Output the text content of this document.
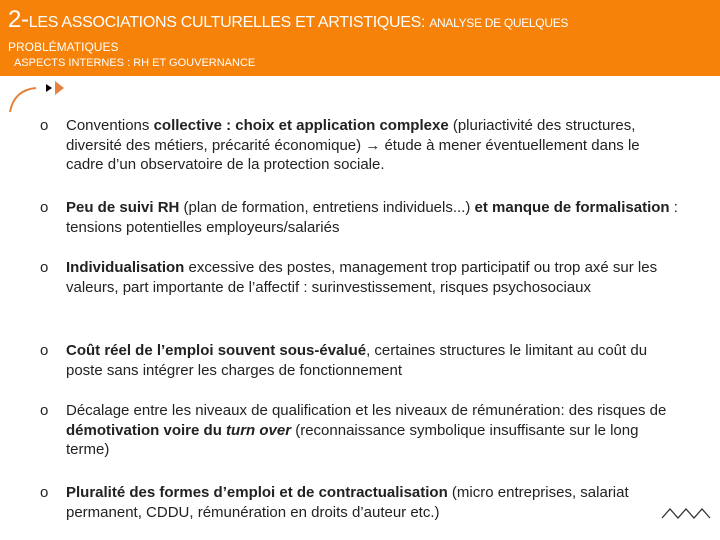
2-LES ASSOCIATIONS CULTURELLES ET ARTISTIQUES: ANALYSE DE QUELQUES
PROBLÉMATIQUES
ASPECTS INTERNES : RH ET GOUVERNANCE
o Conventions collective : choix et application complexe (pluriactivité des structures, diversité des métiers, précarité économique) → étude à mener éventuellement dans le cadre d’un observatoire de la protection sociale.
o Peu de suivi RH (plan de formation, entretiens individuels...) et manque de formalisation : tensions potentielles employeurs/salariés
o Individualisation excessive des postes, management trop participatif ou trop axé sur les valeurs, part importante de l’affectif : surinvestissement, risques psychosociaux
o Coût réel de l’emploi souvent sous-évalué, certaines structures le limitant au coût du poste sans intégrer les charges de fonctionnement
o Décalage entre les niveaux de qualification et les niveaux de rémunération: des risques de démotivation voire du turn over (reconnaissance symbolique insuffisante sur le long terme)
o Pluralité des formes d’emploi et de contractualisation (micro entreprises, salariat permanent, CDDU, rémunération en droits d’auteur etc.)
